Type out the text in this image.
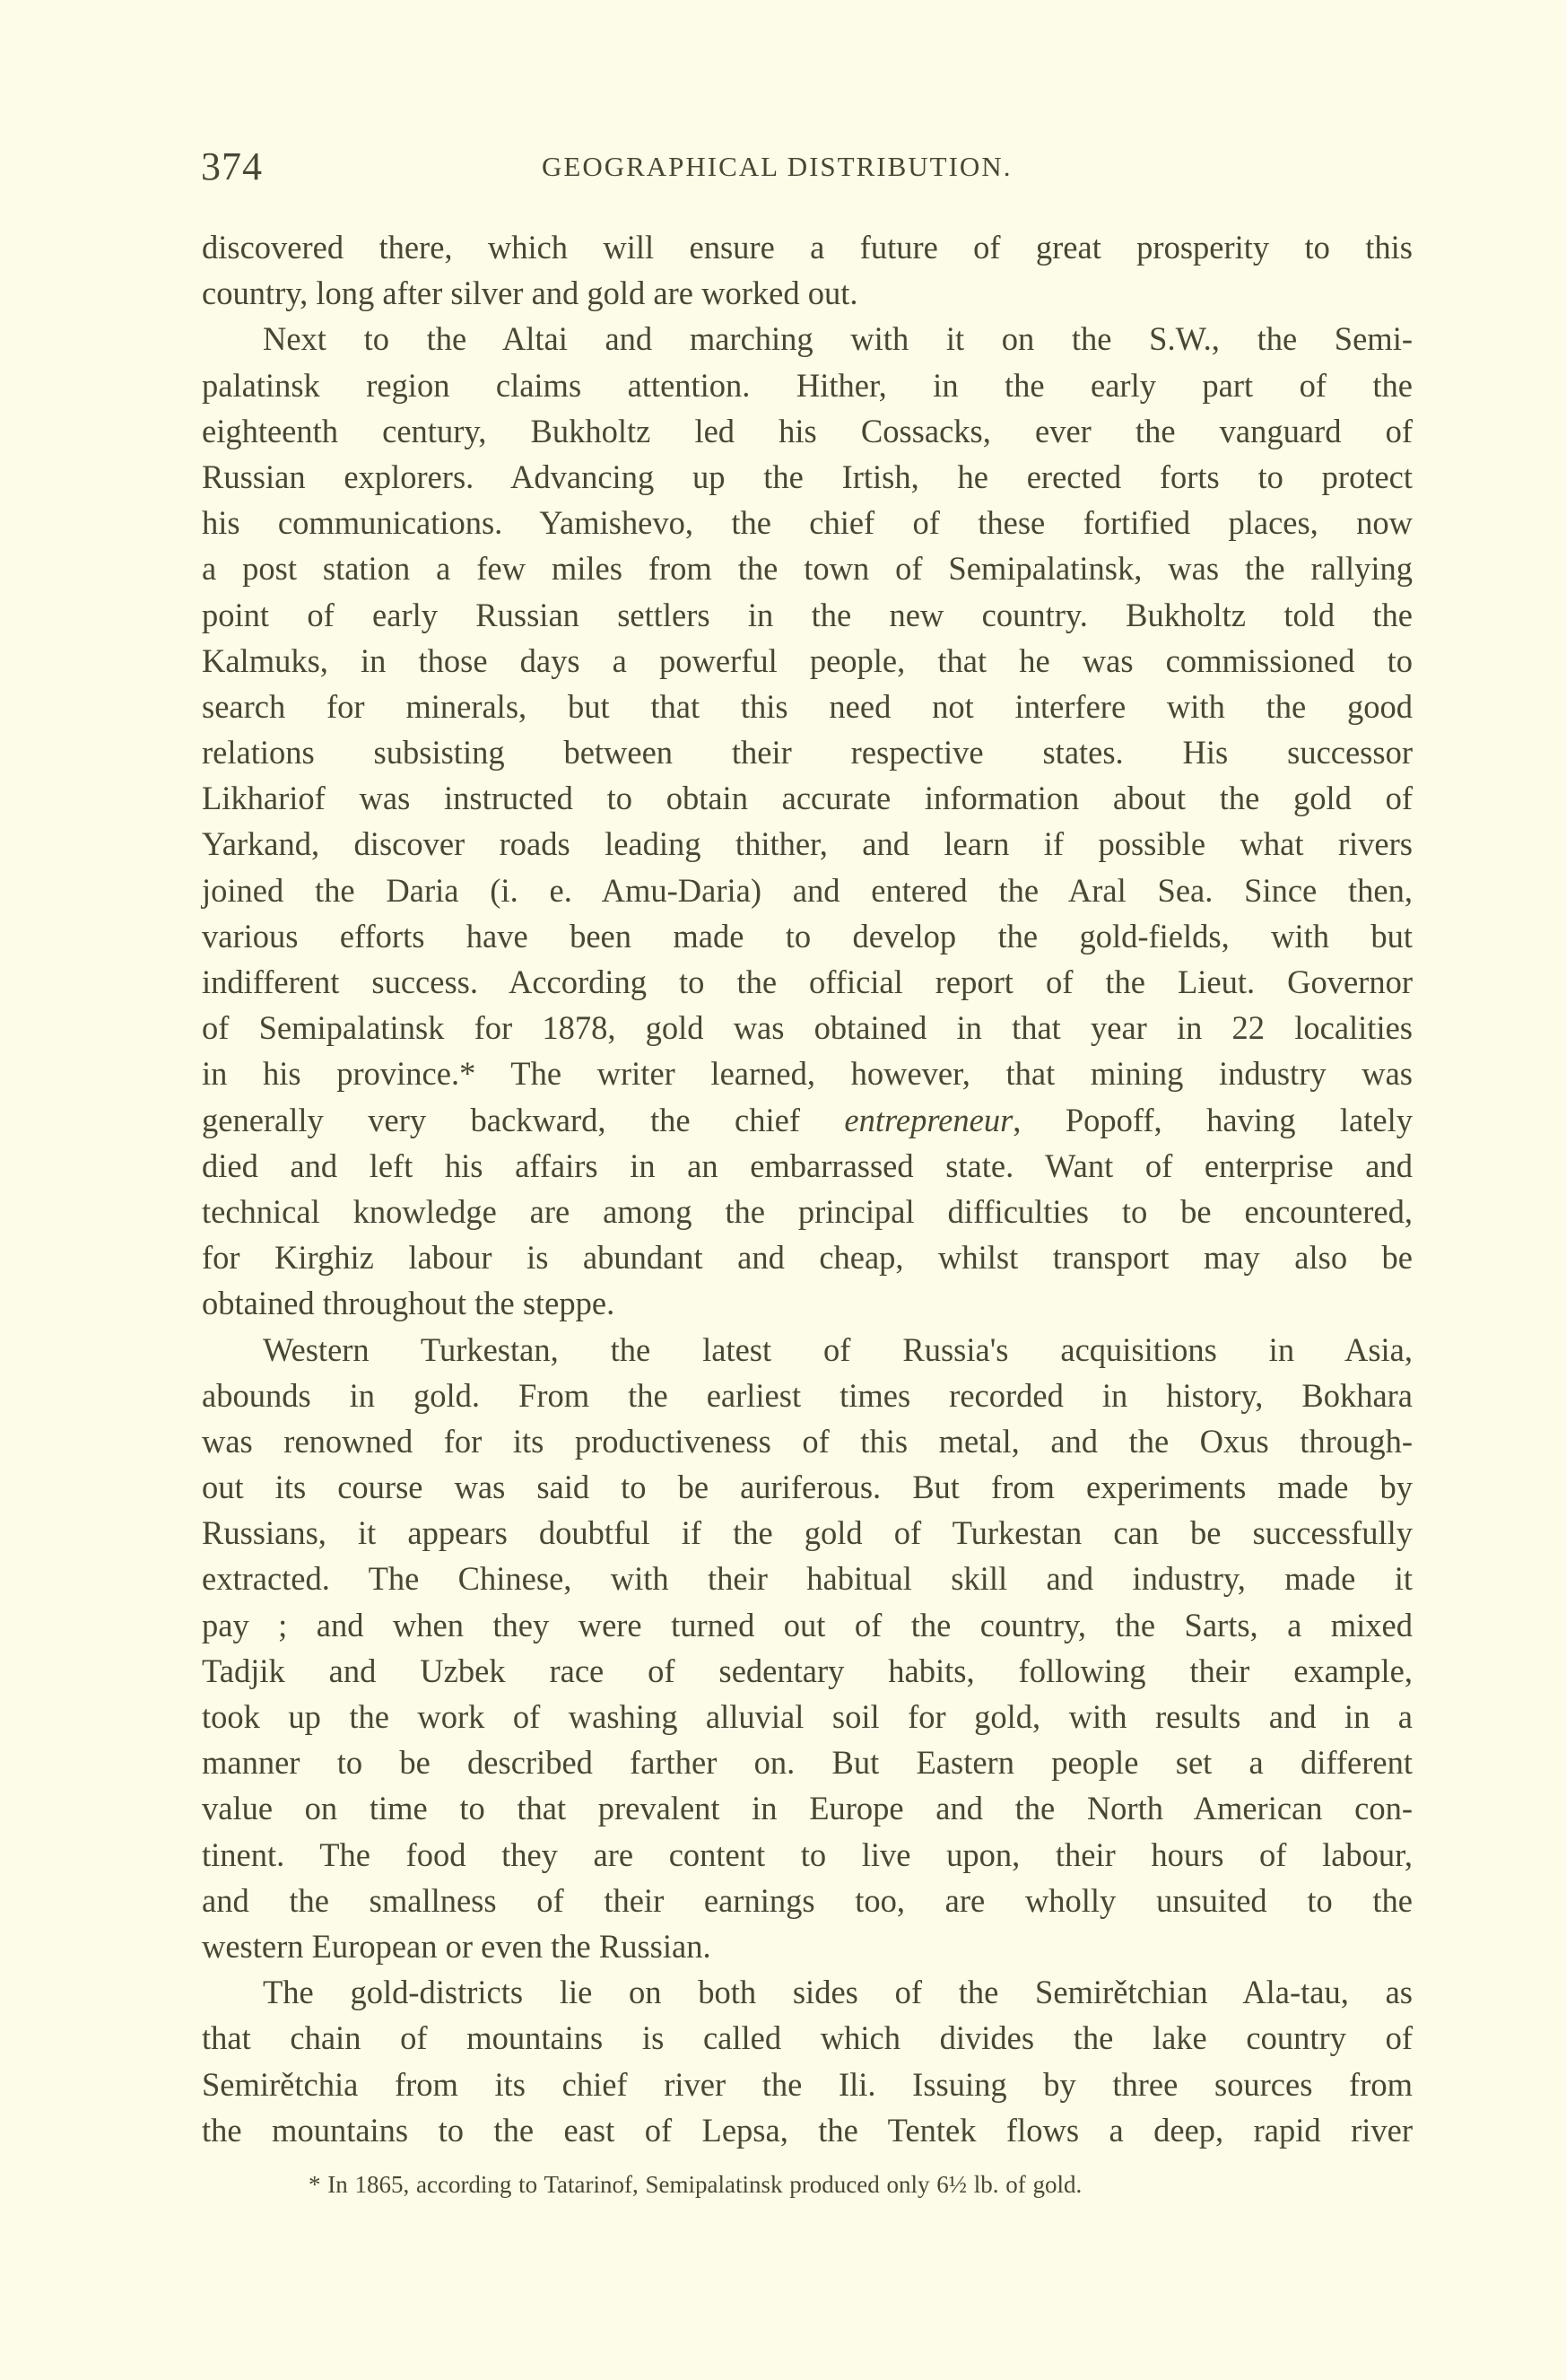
374	GEOGRAPHICAL DISTRIBUTION.
discovered there, which will ensure a future of great prosperity to this
country, long after silver and gold are worked out.
Next to the Altai and marching with it on the S.W., the Semi-
palatinsk region claims attention. Hither, in the early part of the
eighteenth century, Bukholtz led his Cossacks, ever the vanguard of
Russian explorers. Advancing up the Irtish, he erected forts to protect
his communications. Yamishevo, the chief of these fortified places, now
a post station a few miles from the town of Semipalatinsk, was the rallying
point of early Russian settlers in the new country. Bukholtz told the
Kalmuks, in those days a powerful people, that he was commissioned to
search for minerals, but that this need not interfere with the good
relations subsisting between their respective states. His successor
Likhariof was instructed to obtain accurate information about the gold of
Yarkand, discover roads leading thither, and learn if possible what rivers
joined the Daria (i. e. Amu-Daria) and entered the Aral Sea. Since then,
various efforts have been made to develop the gold-fields, with but
indifferent success. According to the official report of the Lieut. Governor
of Semipalatinsk for 1878, gold was obtained in that year in 22 localities
in his province.* The writer learned, however, that mining industry was
generally very backward, the chief entrepreneur, Popoff, having lately
died and left his affairs in an embarrassed state. Want of enterprise and
technical knowledge are among the principal difficulties to be encountered,
for Kirghiz labour is abundant and cheap, whilst transport may also be
obtained throughout the steppe.
Western Turkestan, the latest of Russia's acquisitions in Asia,
abounds in gold. From the earliest times recorded in history, Bokhara
was renowned for its productiveness of this metal, and the Oxus through-
out its course was said to be auriferous. But from experiments made by
Russians, it appears doubtful if the gold of Turkestan can be successfully
extracted. The Chinese, with their habitual skill and industry, made it
pay ; and when they were turned out of the country, the Sarts, a mixed
Tadjik and Uzbek race of sedentary habits, following their example,
took up the work of washing alluvial soil for gold, with results and in a
manner to be described farther on. But Eastern people set a different
value on time to that prevalent in Europe and the North American con-
tinent. The food they are content to live upon, their hours of labour,
and the smallness of their earnings too, are wholly unsuited to the
western European or even the Russian.
The gold-districts lie on both sides of the Semirětchian Ala-tau, as
that chain of mountains is called which divides the lake country of
Semirětchia from its chief river the Ili. Issuing by three sources from
the mountains to the east of Lepsa, the Tentek flows a deep, rapid river
* In 1865, according to Tatarinof, Semipalatinsk produced only 6½ lb. of gold.
